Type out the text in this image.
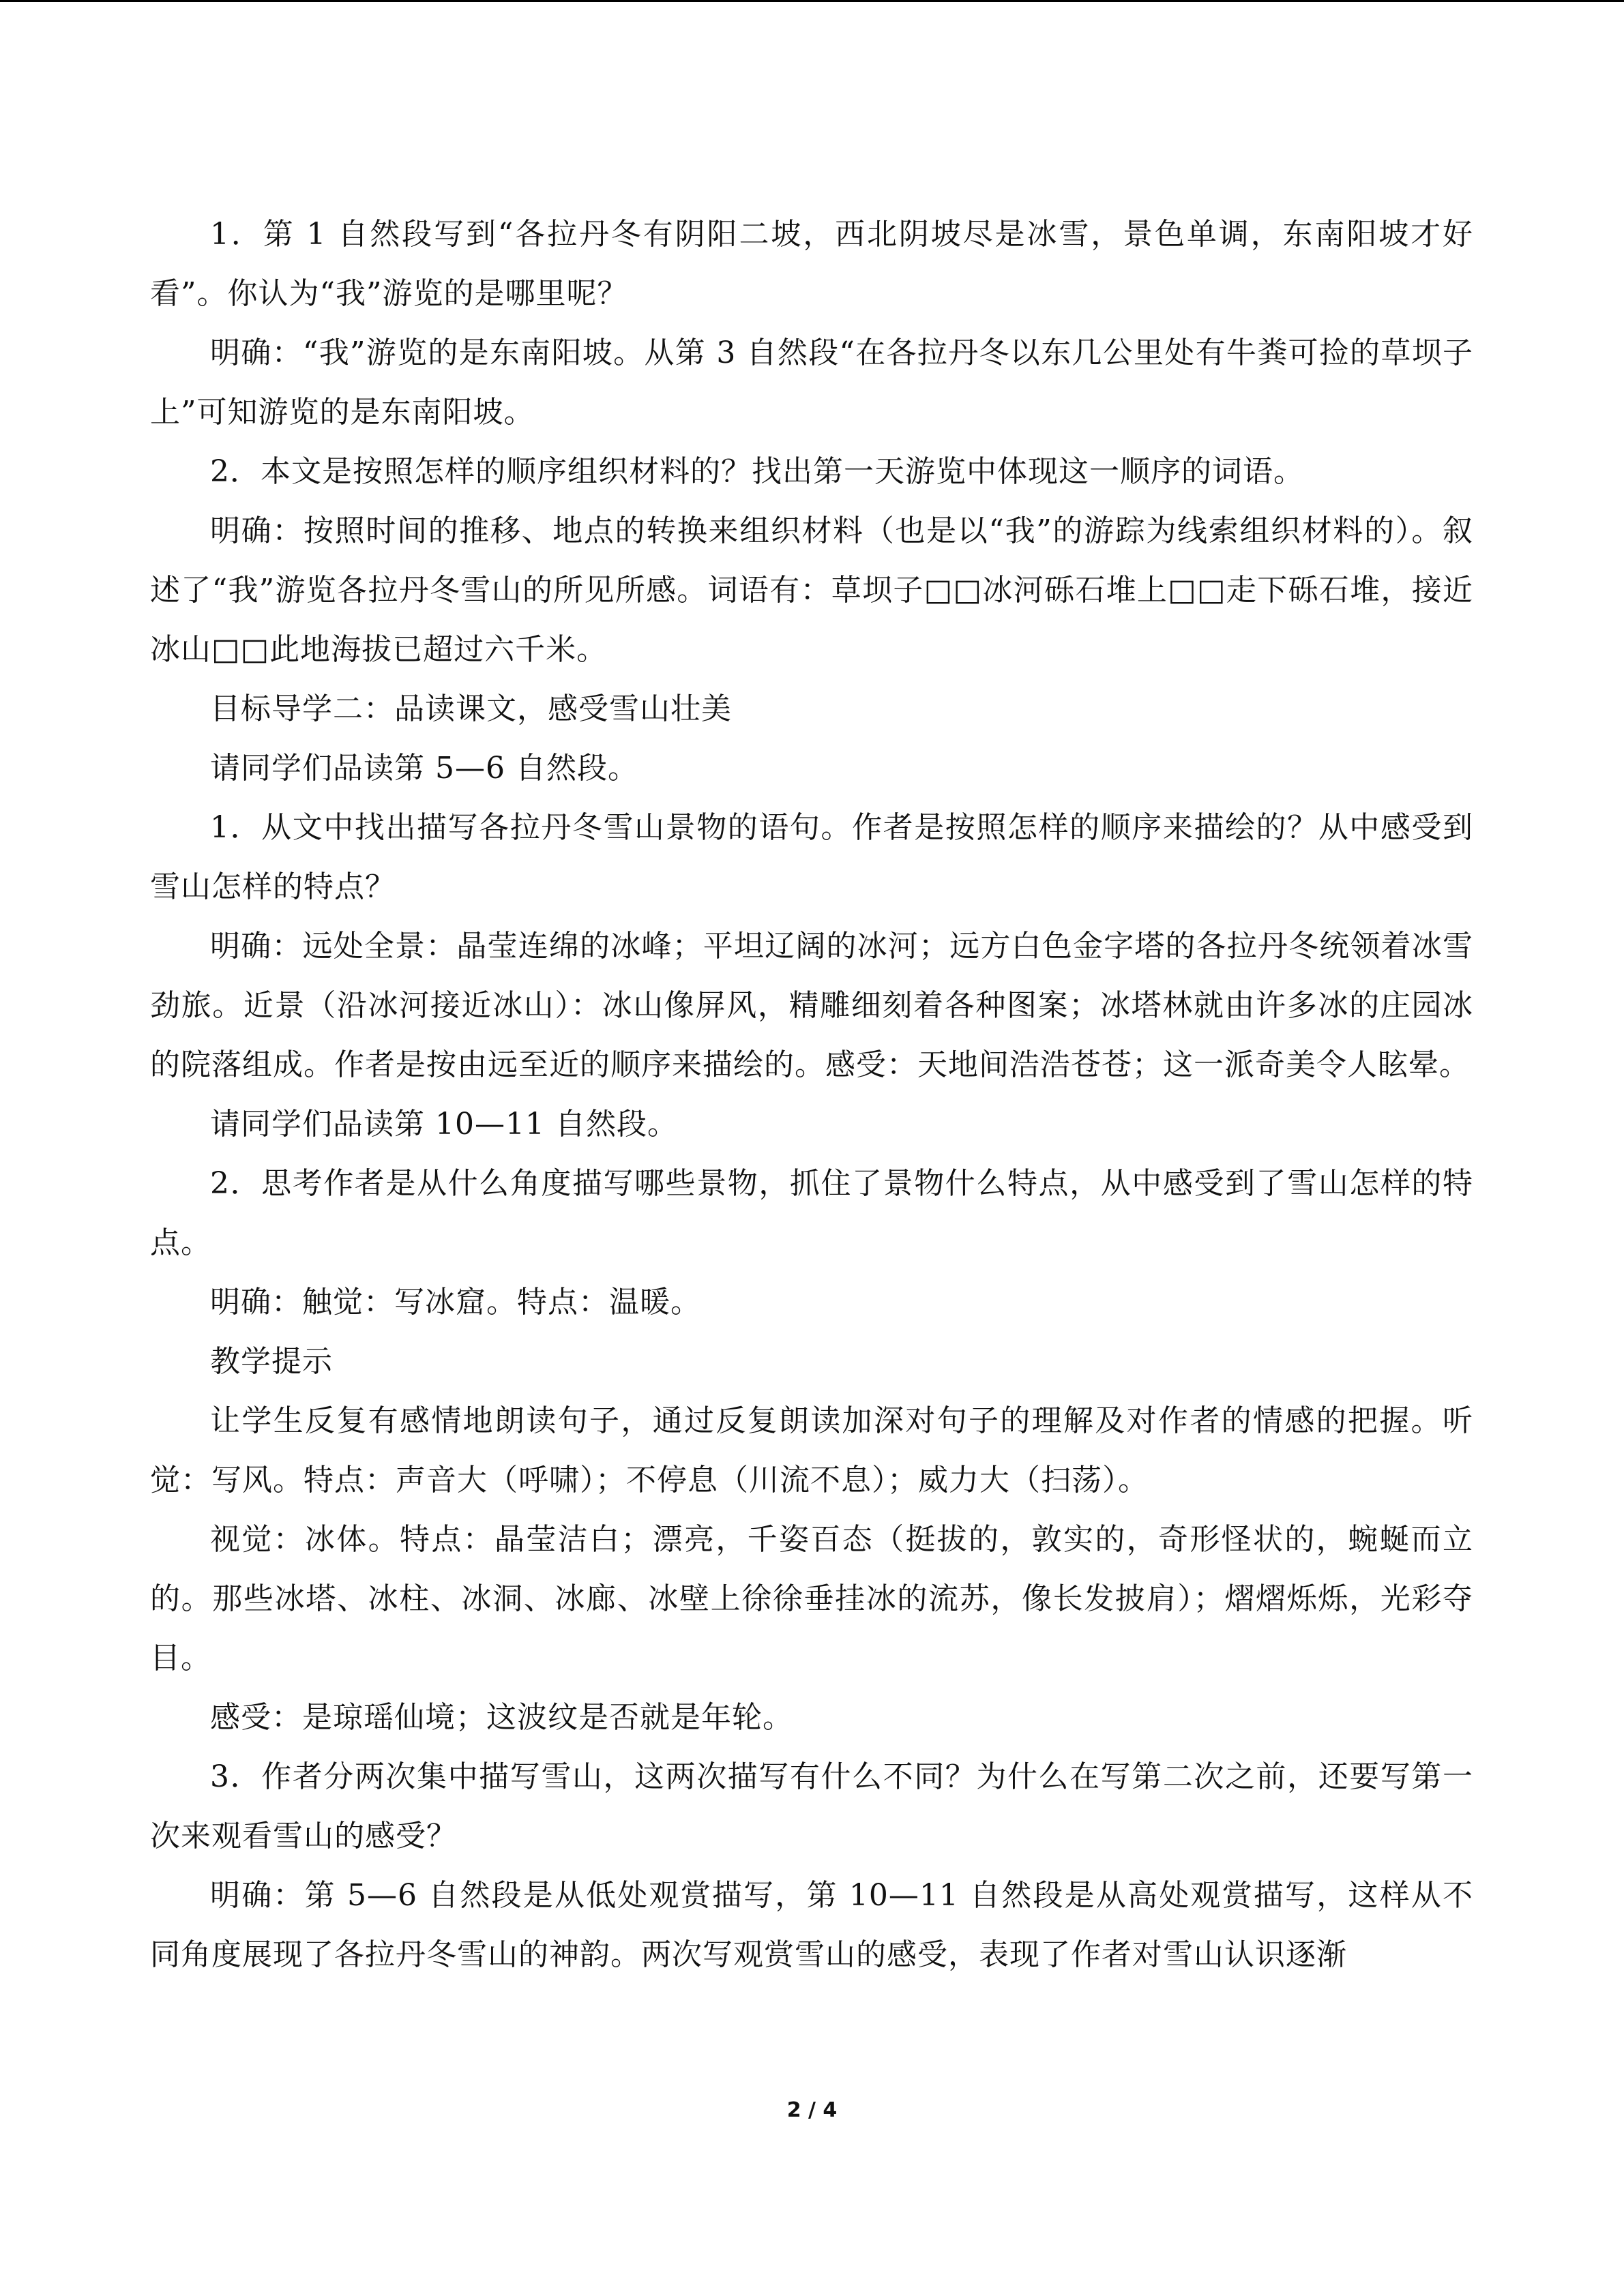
1．第 1 自然段写到“各拉丹冬有阴阳二坡，西北阴坡尽是冰雪，景色单调，东南阳坡才好看”。你认为“我”游览的是哪里呢？

明确：“我”游览的是东南阳坡。从第 3 自然段“在各拉丹冬以东几公里处有牛粪可捡的草坝子上”可知游览的是东南阳坡。

2．本文是按照怎样的顺序组织材料的？找出第一天游览中体现这一顺序的词语。

明确：按照时间的推移、地点的转换来组织材料（也是以“我”的游踪为线索组织材料的）。叙述了“我”游览各拉丹冬雪山的所见所感。词语有：草坝子□□冰河砾石堆上□□走下砾石堆，接近冰山□□此地海拔已超过六千米。

目标导学二：品读课文，感受雪山壮美

请同学们品读第 5—6 自然段。

1．从文中找出描写各拉丹冬雪山景物的语句。作者是按照怎样的顺序来描绘的？从中感受到雪山怎样的特点？

明确：远处全景：晶莹连绵的冰峰；平坦辽阔的冰河；远方白色金字塔的各拉丹冬统领着冰雪劲旅。近景（沿冰河接近冰山）：冰山像屏风，精雕细刻着各种图案；冰塔林就由许多冰的庄园冰的院落组成。作者是按由远至近的顺序来描绘的。感受：天地间浩浩苍苍；这一派奇美令人眩晕。

请同学们品读第 10—11 自然段。

2．思考作者是从什么角度描写哪些景物，抓住了景物什么特点，从中感受到了雪山怎样的特点。

明确：触觉：写冰窟。特点：温暖。

教学提示

让学生反复有感情地朗读句子，通过反复朗读加深对句子的理解及对作者的情感的把握。听觉：写风。特点：声音大（呼啸）；不停息（川流不息）；威力大（扫荡）。

视觉：冰体。特点：晶莹洁白；漂亮，千姿百态（挺拔的，敦实的，奇形怪状的，蜿蜒而立的。那些冰塔、冰柱、冰洞、冰廊、冰壁上徐徐垂挂冰的流苏，像长发披肩）；熠熠烁烁，光彩夺目。

感受：是琼瑶仙境；这波纹是否就是年轮。

3．作者分两次集中描写雪山，这两次描写有什么不同？为什么在写第二次之前，还要写第一次来观看雪山的感受？

明确：第 5—6 自然段是从低处观赏描写，第 10—11 自然段是从高处观赏描写，这样从不同角度展现了各拉丹冬雪山的神韵。两次写观赏雪山的感受，表现了作者对雪山认识逐渐

2 / 4
